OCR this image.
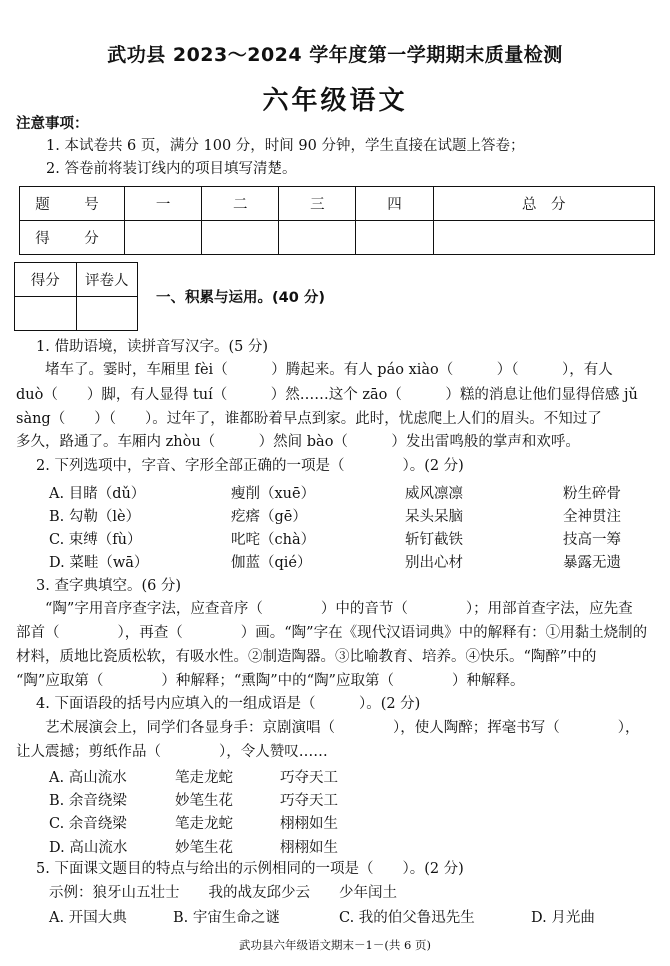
武功县 2023～2024 学年度第一学期期末质量检测
六年级语文
注意事项：
1. 本试卷共 6 页，满分 100 分，时间 90 分钟，学生直接在试题上答卷；
2. 答卷前将装订线内的项目填写清楚。
题　号	一	二	三	四	总　分
得　分					
得分	评卷人

一、积累与运用。(40 分)
1. 借助语境，读拼音写汉字。(5 分)
　　堵车了。霎时，车厢里 fèi（　　　）腾起来。有人 páo xiào（　　　）（　　　），有人
duò（　　）脚，有人显得 tuí（　　　）然……这个 zāo（　　　）糕的消息让他们显得倍感 jǔ
sàng（　　）（　　）。过年了，谁都盼着早点到家。此时，忧虑爬上人们的眉头。不知过了
多久，路通了。车厢内 zhòu（　　　）然间 bào（　　　）发出雷鸣般的掌声和欢呼。
2. 下列选项中，字音、字形全部正确的一项是（　　　　）。(2 分)
A. 目睹（dǔ）	瘦削（xuē）	威风凛凛	粉生碎骨
B. 勾勒（lè）	疙瘩（gē）	呆头呆脑	全神贯注
C. 束缚（fù）	叱咤（chà）	斩钉截铁	技高一筹
D. 菜畦（wā）	伽蓝（qié）	别出心材	暴露无遗
3. 查字典填空。(6 分)
　　“陶”字用音序查字法，应查音序（　　　　）中的音节（　　　　）；用部首查字法，应先查
部首（　　　　），再查（　　　　）画。“陶”字在《现代汉语词典》中的解释有：①用黏土烧制的
材料，质地比瓷质松软，有吸水性。②制造陶器。③比喻教育、培养。④快乐。“陶醉”中的
“陶”应取第（　　　　）种解释；“熏陶”中的“陶”应取第（　　　　）种解释。
4. 下面语段的括号内应填入的一组成语是（　　　）。(2 分)
　　艺术展演会上，同学们各显身手：京剧演唱（　　　　），使人陶醉；挥毫书写（　　　　），
让人震撼；剪纸作品（　　　　），令人赞叹……
A. 高山流水	笔走龙蛇	巧夺天工
B. 余音绕梁	妙笔生花	巧夺天工
C. 余音绕梁	笔走龙蛇	栩栩如生
D. 高山流水	妙笔生花	栩栩如生
5. 下面课文题目的特点与给出的示例相同的一项是（　　）。(2 分)
示例：狼牙山五壮士　　我的战友邱少云　　少年闰土
A. 开国大典	B. 宇宙生命之谜	C. 我的伯父鲁迅先生	D. 月光曲
武功县六年级语文期末－1－(共 6 页)
